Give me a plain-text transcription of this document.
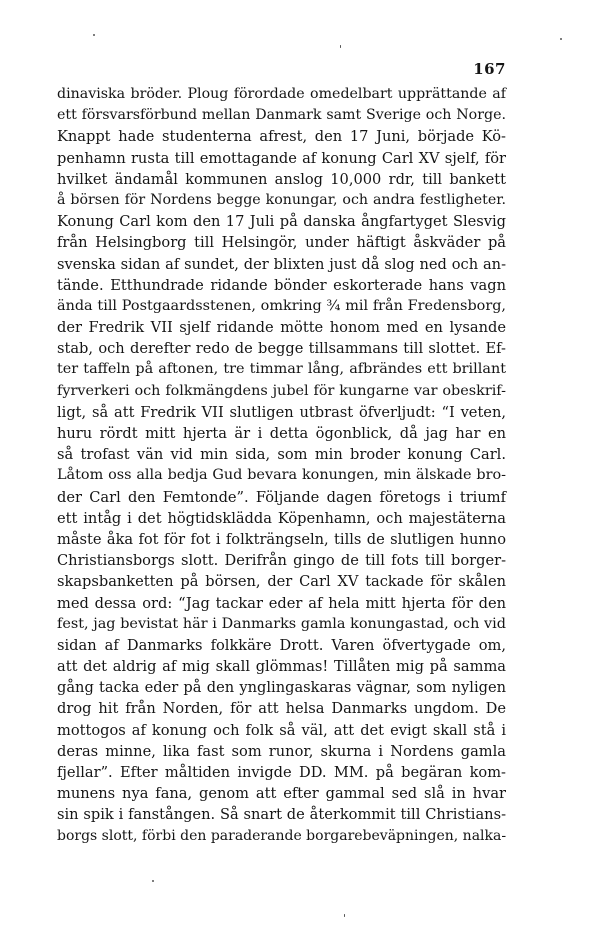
167
dinaviska bröder. Ploug förordade omedelbart upprättande af
ett försvarsförbund mellan Danmark samt Sverige och Norge.
Knappt hade studenterna afrest, den 17 Juni, började Kö-
penhamn rusta till emottagande af konung Carl XV sjelf, för
hvilket ändamål kommunen anslog 10,000 rdr, till bankett
å börsen för Nordens begge konungar, och andra festligheter.
Konung Carl kom den 17 Juli på danska ångfartyget Slesvig
från Helsingborg till Helsingör, under häftigt åskväder på
svenska sidan af sundet, der blixten just då slog ned och an-
tände. Etthundrade ridande bönder eskorterade hans vagn
ända till Postgaardsstenen, omkring ¾ mil från Fredensborg,
der Fredrik VII sjelf ridande mötte honom med en lysande
stab, och derefter redo de begge tillsammans till slottet. Ef-
ter taffeln på aftonen, tre timmar lång, afbrändes ett brillant
fyrverkeri och folkmängdens jubel för kungarne var obeskrif-
ligt, så att Fredrik VII slutligen utbrast öfverljudt: “I veten,
huru rördt mitt hjerta är i detta ögonblick, då jag har en
så trofast vän vid min sida, som min broder konung Carl.
Låtom oss alla bedja Gud bevara konungen, min älskade bro-
der Carl den Femtonde”. Följande dagen företogs i triumf
ett intåg i det högtidsklädda Köpenhamn, och majestäterna
måste åka fot för fot i folkträngseln, tills de slutligen hunno
Christiansborgs slott. Derifrån gingo de till fots till borger-
skapsbanketten på börsen, der Carl XV tackade för skålen
med dessa ord: “Jag tackar eder af hela mitt hjerta för den
fest, jag bevistat här i Danmarks gamla konungastad, och vid
sidan af Danmarks folkkäre Drott. Varen öfvertygade om,
att det aldrig af mig skall glömmas! Tillåten mig på samma
gång tacka eder på den ynglingaskaras vägnar, som nyligen
drog hit från Norden, för att helsa Danmarks ungdom. De
mottogos af konung och folk så väl, att det evigt skall stå i
deras minne, lika fast som runor, skurna i Nordens gamla
fjellar”. Efter måltiden invigde DD. MM. på begäran kom-
munens nya fana, genom att efter gammal sed slå in hvar
sin spik i fanstången. Så snart de återkommit till Christians-
borgs slott, förbi den paraderande borgarebeväpningen, nalka-
